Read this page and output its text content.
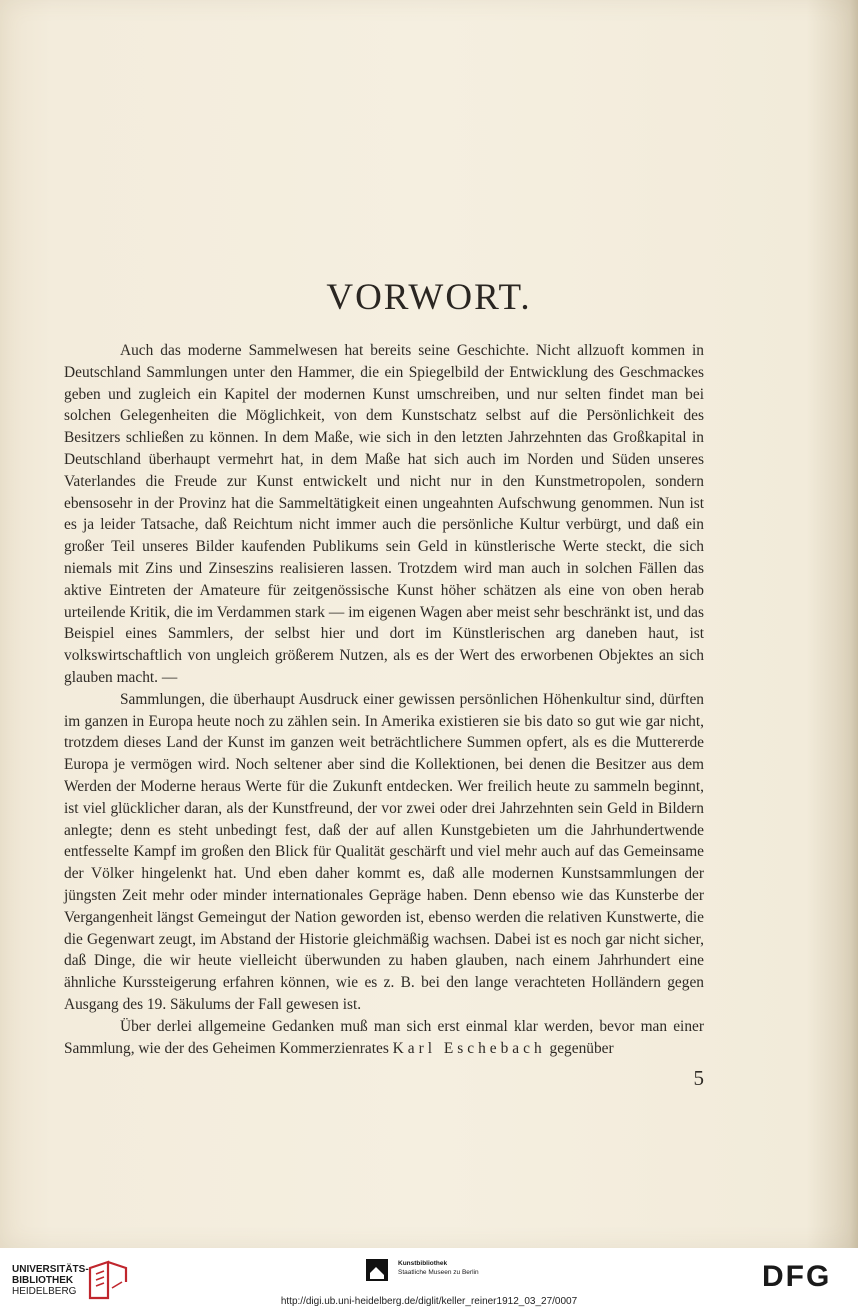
VORWORT.

Auch das moderne Sammelwesen hat bereits seine Geschichte. Nicht allzuoft kommen in Deutschland Sammlungen unter den Hammer, die ein Spiegelbild der Entwicklung des Geschmackes geben und zugleich ein Kapitel der modernen Kunst umschreiben, und nur selten findet man bei solchen Gelegenheiten die Möglichkeit, von dem Kunstschatz selbst auf die Persönlichkeit des Besitzers schließen zu können. In dem Maße, wie sich in den letzten Jahrzehnten das Großkapital in Deutschland überhaupt vermehrt hat, in dem Maße hat sich auch im Norden und Süden unseres Vaterlandes die Freude zur Kunst entwickelt und nicht nur in den Kunstmetropolen, sondern ebensosehr in der Provinz hat die Sammeltätigkeit einen ungeahnten Aufschwung genommen. Nun ist es ja leider Tatsache, daß Reichtum nicht immer auch die persönliche Kultur verbürgt, und daß ein großer Teil unseres Bilder kaufenden Publikums sein Geld in künstlerische Werte steckt, die sich niemals mit Zins und Zinseszins realisieren lassen. Trotzdem wird man auch in solchen Fällen das aktive Eintreten der Amateure für zeitgenössische Kunst höher schätzen als eine von oben herab urteilende Kritik, die im Verdammen stark — im eigenen Wagen aber meist sehr beschränkt ist, und das Beispiel eines Sammlers, der selbst hier und dort im Künstlerischen arg daneben haut, ist volkswirtschaftlich von ungleich größerem Nutzen, als es der Wert des erworbenen Objektes an sich glauben macht. —

Sammlungen, die überhaupt Ausdruck einer gewissen persönlichen Höhenkultur sind, dürften im ganzen in Europa heute noch zu zählen sein. In Amerika existieren sie bis dato so gut wie gar nicht, trotzdem dieses Land der Kunst im ganzen weit beträchtlichere Summen opfert, als es die Muttererde Europa je vermögen wird. Noch seltener aber sind die Kollektionen, bei denen die Besitzer aus dem Werden der Moderne heraus Werte für die Zukunft entdecken. Wer freilich heute zu sammeln beginnt, ist viel glücklicher daran, als der Kunstfreund, der vor zwei oder drei Jahrzehnten sein Geld in Bildern anlegte; denn es steht unbedingt fest, daß der auf allen Kunstgebieten um die Jahrhundertwende entfesselte Kampf im großen den Blick für Qualität geschärft und viel mehr auch auf das Gemeinsame der Völker hingelenkt hat. Und eben daher kommt es, daß alle modernen Kunstsammlungen der jüngsten Zeit mehr oder minder internationales Gepräge haben. Denn ebenso wie das Kunsterbe der Vergangenheit längst Gemeingut der Nation geworden ist, ebenso werden die relativen Kunstwerte, die die Gegenwart zeugt, im Abstand der Historie gleichmäßig wachsen. Dabei ist es noch gar nicht sicher, daß Dinge, die wir heute vielleicht überwunden zu haben glauben, nach einem Jahrhundert eine ähnliche Kurssteigerung erfahren können, wie es z. B. bei den lange verachteten Holländern gegen Ausgang des 19. Säkulums der Fall gewesen ist.

Über derlei allgemeine Gedanken muß man sich erst einmal klar werden, bevor man einer Sammlung, wie der des Geheimen Kommerzienrates Karl Eschebach gegenüber

5
UNIVERSITÄTS-
BIBLIOTHEK
HEIDELBERG
Kunstbibliothek
Staatliche Museen zu Berlin	DFG
http://digi.ub.uni-heidelberg.de/diglit/keller_reiner1912_03_27/0007
